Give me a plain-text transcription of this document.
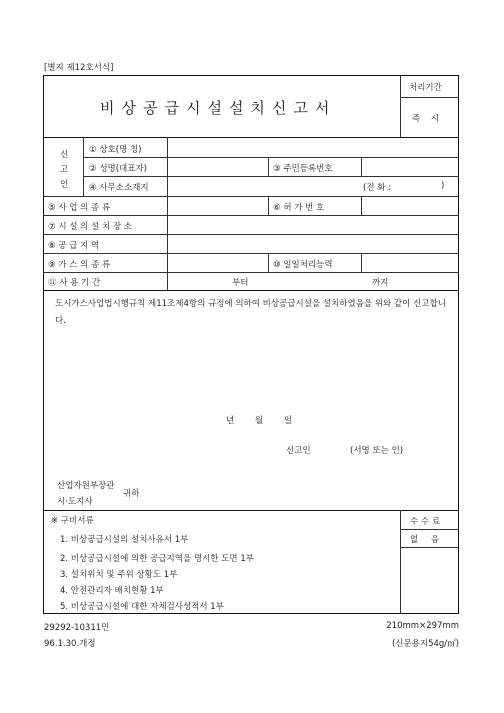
[별지 제12호서식]
비상공급시설설치신고서
처리기간
즉 시
신
고
인
① 상호(명 칭)
② 성명(대표자)	③ 주민등록번호
④ 사무소소재지	(전 화 :	)
⑤ 사 업 의 종 류	⑥ 허 가 번 호
⑦ 시 설 의 설 치 장 소
⑧ 공 급 지 역
⑨ 가 스 의 종 류	⑩ 일일처리능력
⑪ 사 용 기 간	부터	까지
도시가스사업법시행규칙 제11조제4항의 규정에 의하여 비상공급시설을 설치하였음을 위와 같이 신고합니다.
년 월 일
신고인	(서명 또는 인)
산업자원부장관
시·도지사
귀하
※ 구비서류
1. 비상공급시설의 설치사유서 1부
2. 비상공급시설에 의한 공급지역을 명시한 도면 1부
3. 설치위치 및 주위 상황도 1부
4. 안전관리자 배치현황 1부
5. 비상공급시설에 대한 자체검사성적서 1부
수 수 료
없 음
29292-10311민
96.1.30.개정
210mm×297mm
(신문용지54g/㎡)
